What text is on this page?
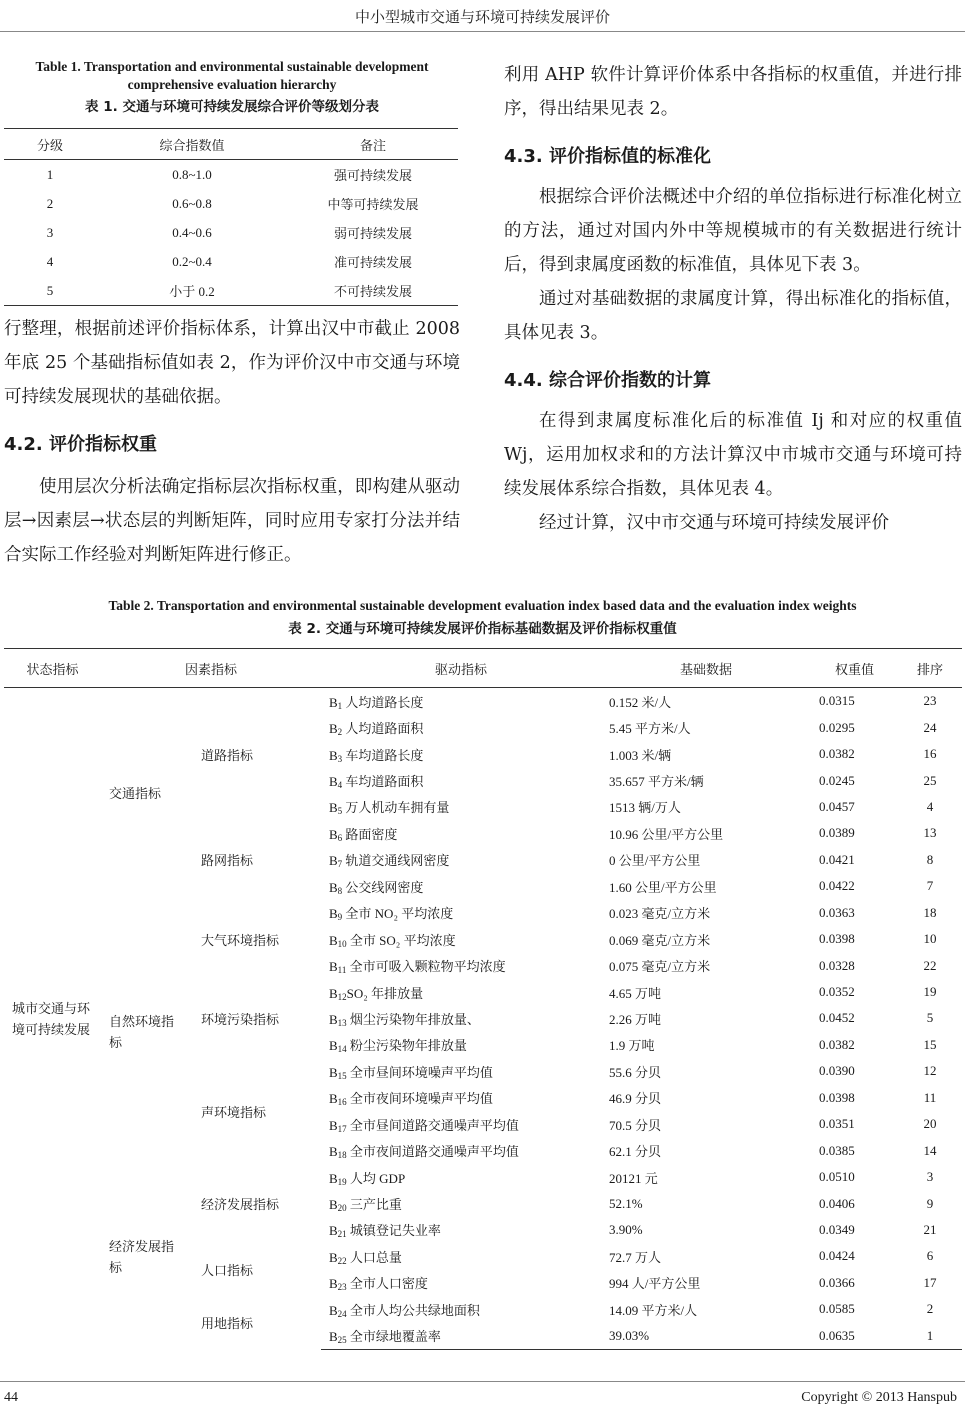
中小型城市交通与环境可持续发展评价
Table 1. Transportation and environmental sustainable development comprehensive evaluation hierarchy
表 1. 交通与环境可持续发展综合评价等级划分表
分级	综合指数值	备注
1	0.8~1.0	强可持续发展
2	0.6~0.8	中等可持续发展
3	0.4~0.6	弱可持续发展
4	0.2~0.4	准可持续发展
5	小于 0.2	不可持续发展

行整理，根据前述评价指标体系，计算出汉中市截止 2008 年底 25 个基础指标值如表 2，作为评价汉中市交通与环境可持续发展现状的基础依据。

4.2. 评价指标权重

使用层次分析法确定指标层次指标权重，即构建从驱动层→因素层→状态层的判断矩阵，同时应用专家打分法并结合实际工作经验对判断矩阵进行修正。

利用 AHP 软件计算评价体系中各指标的权重值，并进行排序，得出结果见表 2。

4.3. 评价指标值的标准化

根据综合评价法概述中介绍的单位指标进行标准化树立的方法，通过对国内外中等规模城市的有关数据进行统计后，得到隶属度函数的标准值，具体见下表 3。

通过对基础数据的隶属度计算，得出标准化的指标值，具体见表 3。

4.4. 综合评价指数的计算

在得到隶属度标准化后的标准值 Ij 和对应的权重值 Wj，运用加权求和的方法计算汉中市城市交通与环境可持续发展体系综合指数，具体见表 4。

经过计算，汉中市交通与环境可持续发展评价

Table 2. Transportation and environmental sustainable development evaluation index based data and the evaluation index weights
表 2. 交通与环境可持续发展评价指标基础数据及评价指标权重值
状态指标	因素指标		驱动指标	基础数据	权重值	排序
城市交通与环境可持续发展	交通指标	道路指标	$B_1$ 人均道路长度	0.152 米/人	0.0315	23
			$B_2$ 人均道路面积	5.45 平方米/人	0.0295	24
			$B_3$ 车均道路长度	1.003 米/辆	0.0382	16
			$B_4$ 车均道路面积	35.657 平方米/辆	0.0245	25
			$B_5$ 万人机动车拥有量	1513 辆/万人	0.0457	4
		路网指标	$B_6$ 路面密度	10.96 公里/平方公里	0.0389	13
			$B_7$ 轨道交通线网密度	0 公里/平方公里	0.0421	8
			$B_8$ 公交线网密度	1.60 公里/平方公里	0.0422	7
	自然环境指标	大气环境指标	$B_9$ 全市 NO₂ 平均浓度	0.023 毫克/立方米	0.0363	18
			$B_{10}$ 全市 SO₂ 平均浓度	0.069 毫克/立方米	0.0398	10
			$B_{11}$ 全市可吸入颗粒物平均浓度	0.075 毫克/立方米	0.0328	22
		环境污染指标	$B_{12}SO_2$ 年排放量	4.65 万吨	0.0352	19
			$B_{13}$ 烟尘污染物年排放量、	2.26 万吨	0.0452	5
			$B_{14}$ 粉尘污染物年排放量	1.9 万吨	0.0382	15
		声环境指标	$B_{15}$ 全市昼间环境噪声平均值	55.6 分贝	0.0390	12
			$B_{16}$ 全市夜间环境噪声平均值	46.9 分贝	0.0398	11
			$B_{17}$ 全市昼间道路交通噪声平均值	70.5 分贝	0.0351	20
			$B_{18}$ 全市夜间道路交通噪声平均值	62.1 分贝	0.0385	14
	经济发展指标	经济发展指标	$B_{19}$ 人均 GDP	20121 元	0.0510	3
			$B_{20}$ 三产比重	52.1%	0.0406	9
			$B_{21}$ 城镇登记失业率	3.90%	0.0349	21
		人口指标	$B_{22}$ 人口总量	72.7 万人	0.0424	6
			$B_{23}$ 全市人口密度	994 人/平方公里	0.0366	17
		用地指标	$B_{24}$ 全市人均公共绿地面积	14.09 平方米/人	0.0585	2
			$B_{25}$ 全市绿地覆盖率	39.03%	0.0635	1
44	Copyright © 2013 Hanspub
